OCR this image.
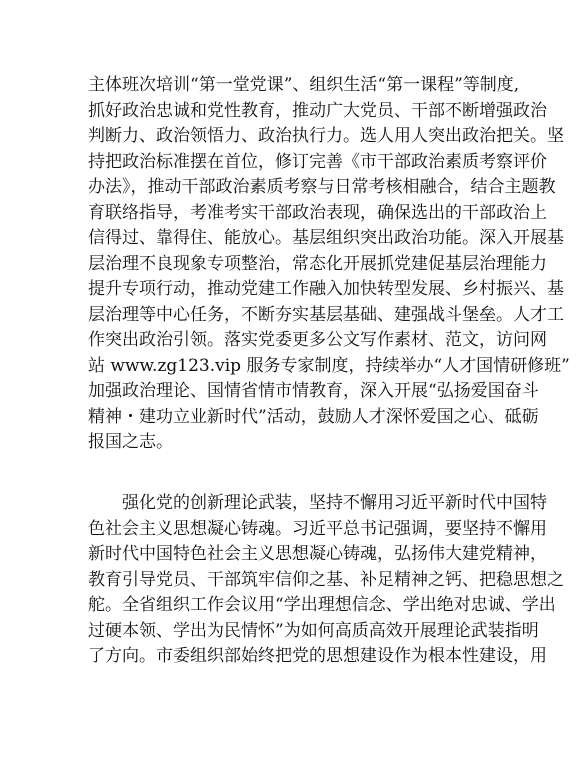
主体班次培训“第一堂党课”、组织生活“第一课程”等制度,
抓好政治忠诚和党性教育，推动广大党员、干部不断增强政治
判断力、政治领悟力、政治执行力。选人用人突出政治把关。坚
持把政治标准摆在首位，修订完善《市干部政治素质考察评价
办法》，推动干部政治素质考察与日常考核相融合，结合主题教
育联络指导，考准考实干部政治表现，确保选出的干部政治上
信得过、靠得住、能放心。基层组织突出政治功能。深入开展基
层治理不良现象专项整治，常态化开展抓党建促基层治理能力
提升专项行动，推动党建工作融入加快转型发展、乡村振兴、基
层治理等中心任务，不断夯实基层基础、建强战斗堡垒。人才工
作突出政治引领。落实党委更多公文写作素材、范文，访问网
站 www.zg123.vip 服务专家制度，持续举办“人才国情研修班”
加强政治理论、国情省情市情教育，深入开展“弘扬爱国奋斗
精神・建功立业新时代”活动，鼓励人才深怀爱国之心、砥砺
报国之志。
强化党的创新理论武装，坚持不懈用习近平新时代中国特
色社会主义思想凝心铸魂。习近平总书记强调，要坚持不懈用
新时代中国特色社会主义思想凝心铸魂，弘扬伟大建党精神，
教育引导党员、干部筑牢信仰之基、补足精神之钙、把稳思想之
舵。全省组织工作会议用“学出理想信念、学出绝对忠诚、学出
过硬本领、学出为民情怀”为如何高质高效开展理论武装指明
了方向。市委组织部始终把党的思想建设作为根本性建设，用
